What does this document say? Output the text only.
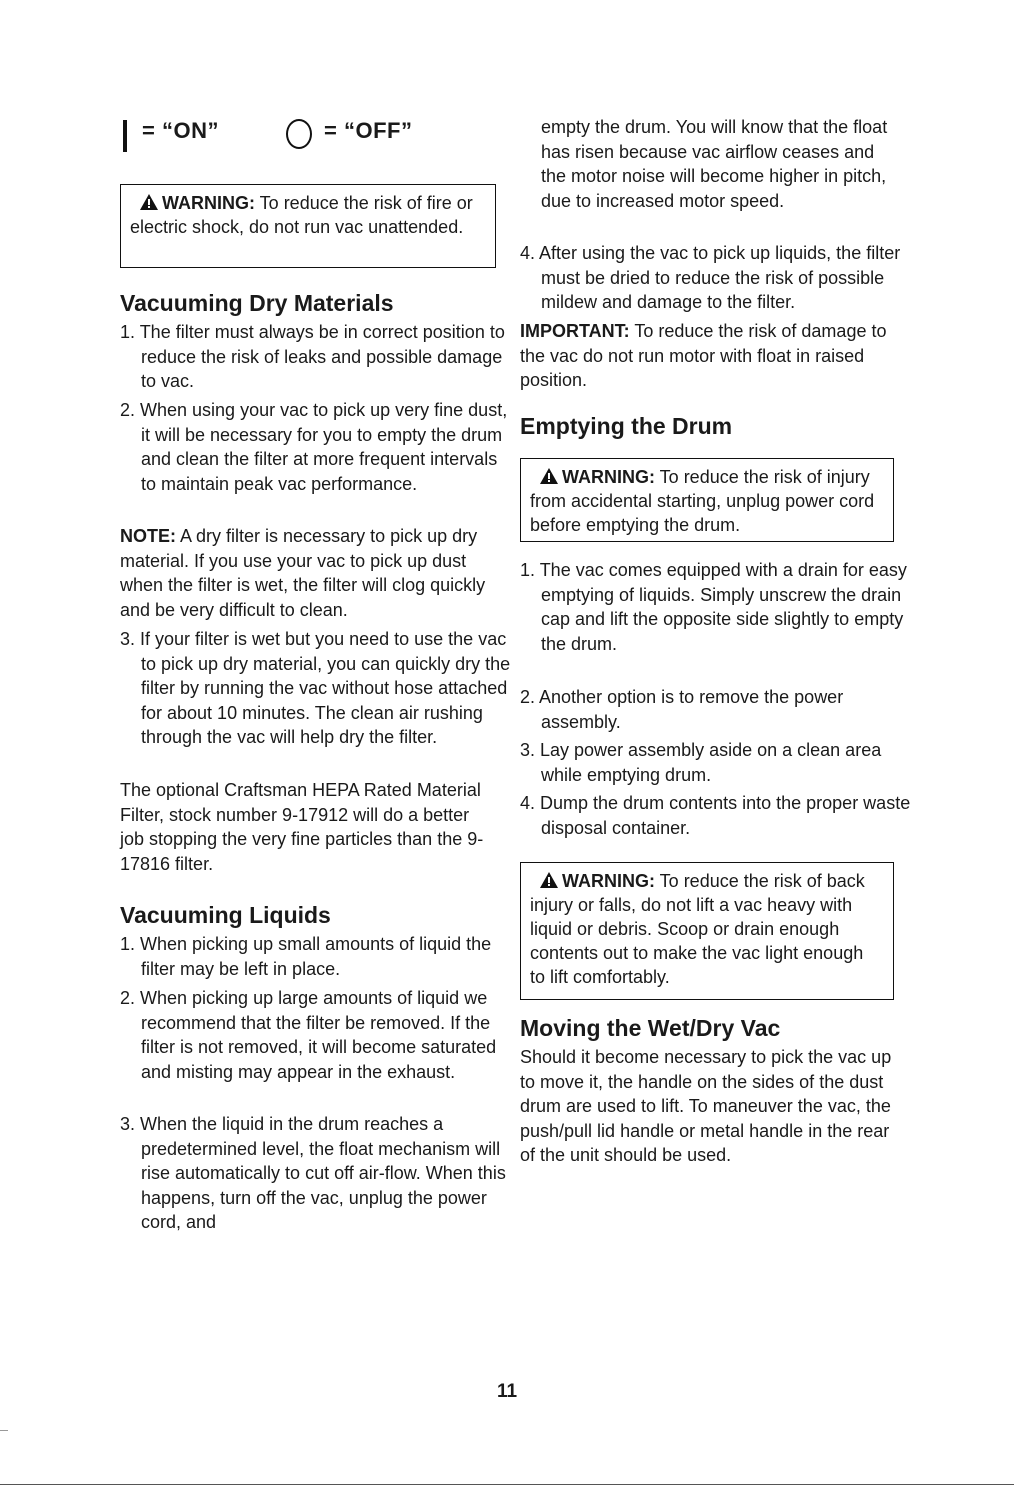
= “ON”	= “OFF”
WARNING: To reduce the risk of fire or electric shock, do not run vac unattended.
Vacuuming Dry Materials

1. The filter must always be in correct position to reduce the risk of leaks and possible damage to vac.

2. When using your vac to pick up very fine dust, it will be necessary for you to empty the drum and clean the filter at more frequent intervals to maintain peak vac performance.

NOTE: A dry filter is necessary to pick up dry material. If you use your vac to pick up dust when the filter is wet, the filter will clog quickly and be very difficult to clean.

3. If your filter is wet but you need to use the vac to pick up dry material, you can quickly dry the filter by running the vac without hose attached for about 10 minutes. The clean air rushing through the vac will help dry the filter.

The optional Craftsman HEPA Rated Material Filter, stock number 9-17912 will do a better job stopping the very fine particles than the 9-17816 filter.

Vacuuming Liquids

1. When picking up small amounts of liquid the filter may be left in place.

2. When picking up large amounts of liquid we recommend that the filter be removed. If the filter is not removed, it will become saturated and misting may appear in the exhaust.

3. When the liquid in the drum reaches a predetermined level, the float mechanism will rise automatically to cut off air-flow. When this happens, turn off the vac, unplug the power cord, and

empty the drum. You will know that the float has risen because vac airflow ceases and the motor noise will become higher in pitch, due to increased motor speed.

4. After using the vac to pick up liquids, the filter must be dried to reduce the risk of possible mildew and damage to the filter.

IMPORTANT: To reduce the risk of damage to the vac do not run motor with float in raised position.

Emptying the Drum
WARNING: To reduce the risk of injury from accidental starting, unplug power cord before emptying the drum.

1. The vac comes equipped with a drain for easy emptying of liquids. Simply unscrew the drain cap and lift the opposite side slightly to empty the drum.

2. Another option is to remove the power assembly.

3. Lay power assembly aside on a clean area while emptying drum.

4. Dump the drum contents into the proper waste disposal container.

WARNING: To reduce the risk of back injury or falls, do not lift a vac heavy with liquid or debris. Scoop or drain enough contents out to make the vac light enough to lift comfortably.
Moving the Wet/Dry Vac

Should it become necessary to pick the vac up to move it, the handle on the sides of the dust drum are used to lift. To maneuver the vac, the push/pull lid handle or metal handle in the rear of the unit should be used.

11
